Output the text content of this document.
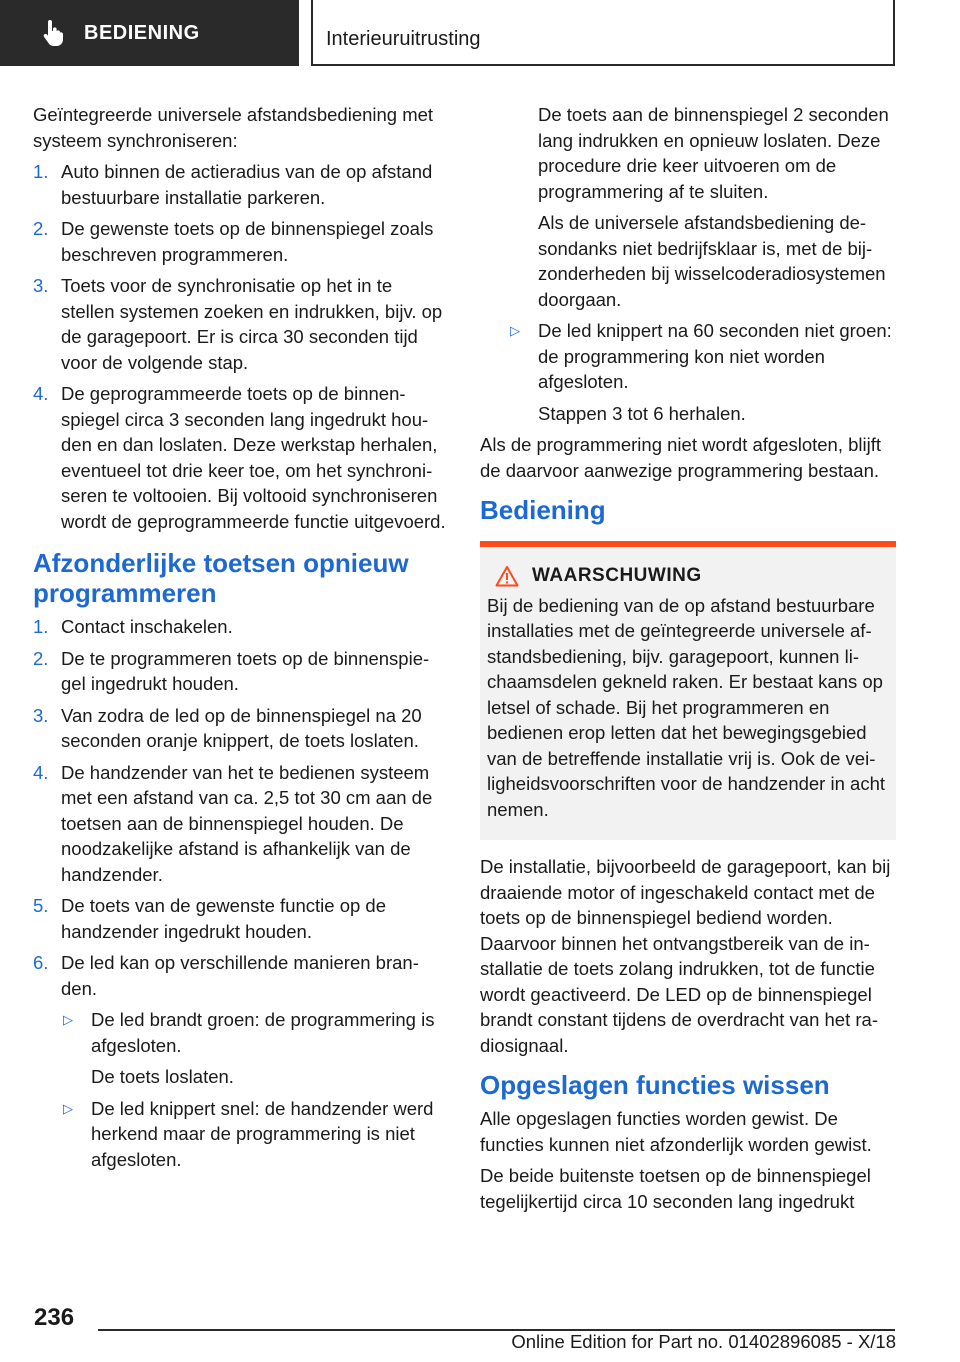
BEDIENING	Interieuruitrusting

Geïntegreerde universele afstandsbediening met systeem synchroniseren:

1. Auto binnen de actieradius van de op afstand bestuurbare installatie parkeren.
2. De gewenste toets op de binnenspiegel zoals beschreven programmeren.
3. Toets voor de synchronisatie op het in te stellen systemen zoeken en indrukken, bijv. op de garagepoort. Er is circa 30 seconden tijd voor de volgende stap.
4. De geprogrammeerde toets op de binnenspiegel circa 3 seconden lang ingedrukt houden en dan loslaten. Deze werkstap herhalen, eventueel tot drie keer toe, om het synchroniseren te voltooien. Bij voltooid synchroniseren wordt de geprogrammeerde functie uitgevoerd.
Afzonderlijke toetsen opnieuw programmeren
1. Contact inschakelen.
2. De te programmeren toets op de binnenspiegel ingedrukt houden.
3. Van zodra de led op de binnenspiegel na 20 seconden oranje knippert, de toets loslaten.
4. De handzender van het te bedienen systeem met een afstand van ca. 2,5 tot 30 cm aan de toetsen aan de binnenspiegel houden. De noodzakelijke afstand is afhankelijk van de handzender.
5. De toets van de gewenste functie op de handzender ingedrukt houden.
6. De led kan op verschillende manieren branden.
▷ De led brandt groen: de programmering is afgesloten.

De toets loslaten.

▷ De led knippert snel: de handzender werd herkend maar de programmering is niet afgesloten.

De toets aan de binnenspiegel 2 seconden lang indrukken en opnieuw loslaten. Deze procedure drie keer uitvoeren om de programmering af te sluiten.

Als de universele afstandsbediening desondanks niet bedrijfsklaar is, met de bijzonderheden bij wisselcoderadiosystemen doorgaan.

▷ De led knippert na 60 seconden niet groen: de programmering kon niet worden afgesloten.

Stappen 3 tot 6 herhalen.

Als de programmering niet wordt afgesloten, blijft de daarvoor aanwezige programmering bestaan.

Bediening
WAARSCHUWING
Bij de bediening van de op afstand bestuurbare installaties met de geïntegreerde universele afstandsbediening, bijv. garagepoort, kunnen lichaamsdelen gekneld raken. Er bestaat kans op letsel of schade. Bij het programmeren en bedienen erop letten dat het bewegingsgebied van de betreffende installatie vrij is. Ook de veiligheidsvoorschriften voor de handzender in acht nemen.

De installatie, bijvoorbeeld de garagepoort, kan bij draaiende motor of ingeschakeld contact met de toets op de binnenspiegel bediend worden. Daarvoor binnen het ontvangstbereik van de installatie de toets zolang indrukken, tot de functie wordt geactiveerd. De LED op de binnenspiegel brandt constant tijdens de overdracht van het radiosignaal.

Opgeslagen functies wissen

Alle opgeslagen functies worden gewist. De functies kunnen niet afzonderlijk worden gewist.

De beide buitenste toetsen op de binnenspiegel tegelijkertijd circa 10 seconden lang ingedrukt

236
Online Edition for Part no. 01402896085 - X/18
